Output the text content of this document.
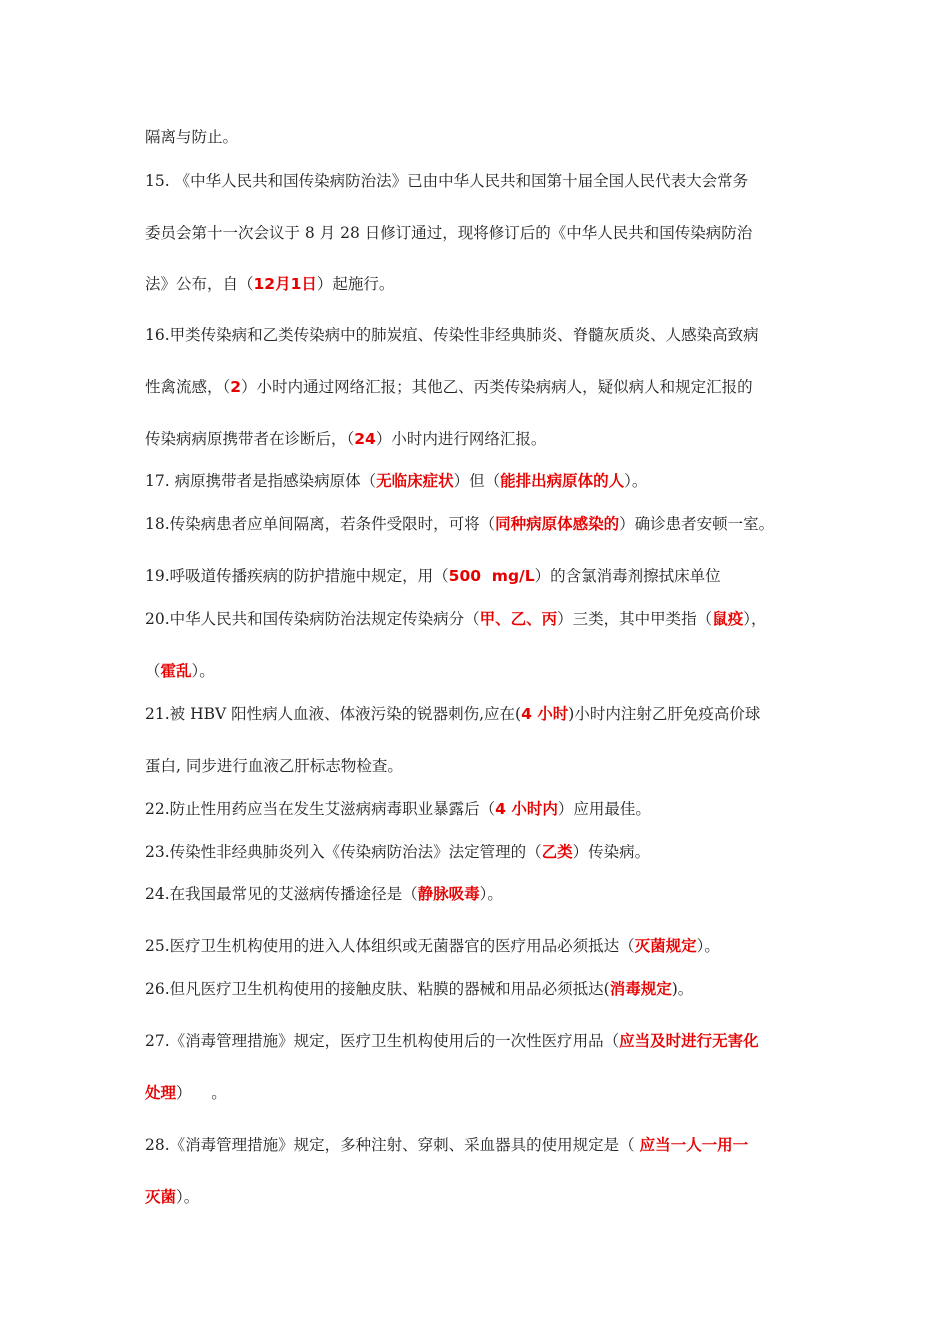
隔离与防止。
15. 《中华人民共和国传染病防治法》已由中华人民共和国第十届全国人民代表大会常务
委员会第十一次会议于 8 月 28 日修订通过，现将修订后的《中华人民共和国传染病防治
法》公布，自（12月1日）起施行。
16.甲类传染病和乙类传染病中的肺炭疽、传染性非经典肺炎、脊髓灰质炎、人感染高致病
性禽流感，（2）小时内通过网络汇报；其他乙、丙类传染病病人，疑似病人和规定汇报的
传染病病原携带者在诊断后，（24）小时内进行网络汇报。
17. 病原携带者是指感染病原体（无临床症状）但（能排出病原体的人）。
18.传染病患者应单间隔离，若条件受限时，可将（同种病原体感染的）确诊患者安顿一室。
19.呼吸道传播疾病的防护措施中规定，用（500  mg/L）的含氯消毒剂擦拭床单位
20.中华人民共和国传染病防治法规定传染病分（甲、乙、丙）三类，其中甲类指（鼠疫），
（霍乱）。
21.被 HBV 阳性病人血液、体液污染的锐器刺伤,应在(4 小时)小时内注射乙肝免疫高价球
蛋白, 同步进行血液乙肝标志物检查。
22.防止性用药应当在发生艾滋病病毒职业暴露后（4 小时内）应用最佳。
23.传染性非经典肺炎列入《传染病防治法》法定管理的（乙类）传染病。
24.在我国最常见的艾滋病传播途径是（静脉吸毒）。
25.医疗卫生机构使用的进入人体组织或无菌器官的医疗用品必须抵达（灭菌规定）。
26.但凡医疗卫生机构使用的接触皮肤、粘膜的器械和用品必须抵达(消毒规定)。
27.《消毒管理措施》规定，医疗卫生机构使用后的一次性医疗用品（应当及时进行无害化
处理）    。
28.《消毒管理措施》规定，多种注射、穿刺、采血器具的使用规定是（ 应当一人一用一
灭菌）。
